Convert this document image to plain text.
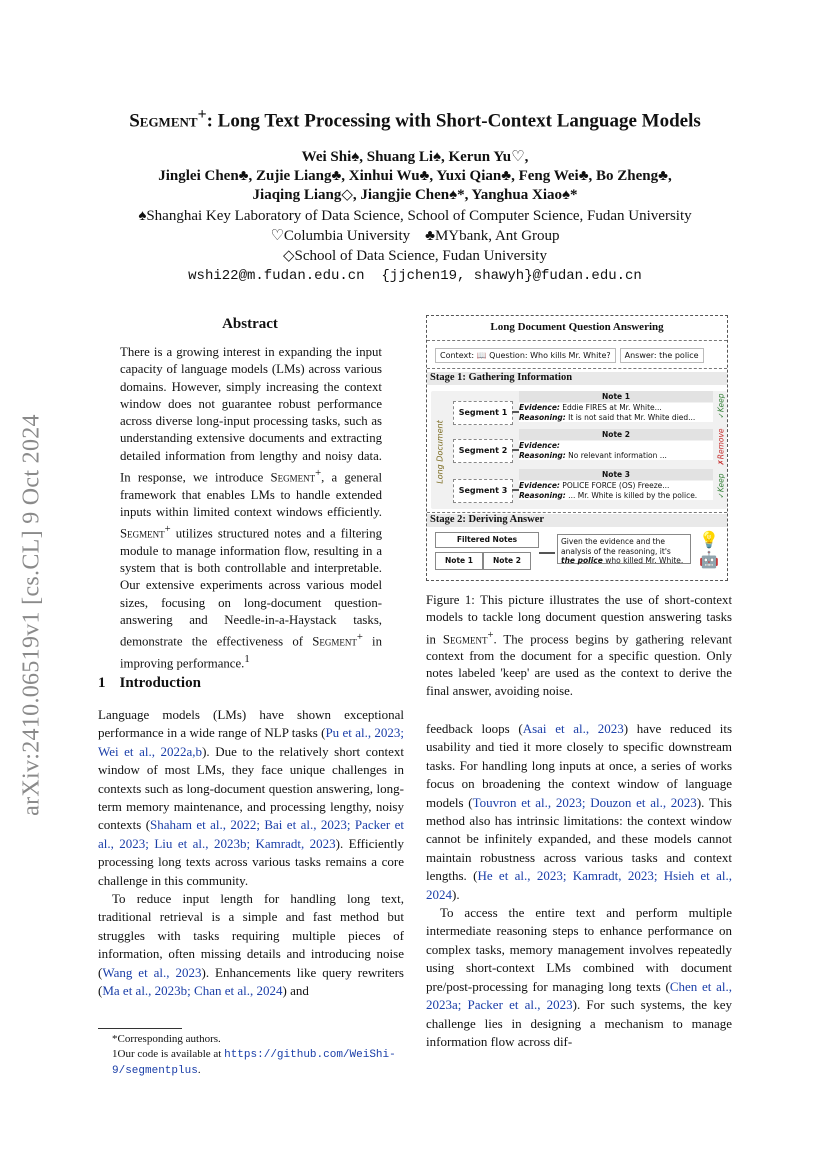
arXiv:2410.06519v1 [cs.CL] 9 Oct 2024
Segment+: Long Text Processing with Short-Context Language Models
Wei Shi♠, Shuang Li♠, Kerun Yu♡,
Jinglei Chen♣, Zujie Liang♣, Xinhui Wu♣, Yuxi Qian♣, Feng Wei♣, Bo Zheng♣,
Jiaqing Liang◇, Jiangjie Chen♠*, Yanghua Xiao♠*
♠Shanghai Key Laboratory of Data Science, School of Computer Science, Fudan University
♡Columbia University    ♣MYbank, Ant Group
◇School of Data Science, Fudan University
wshi22@m.fudan.edu.cn  {jjchen19, shawyh}@fudan.edu.cn
Abstract
There is a growing interest in expanding the input capacity of language models (LMs) across various domains. However, simply increasing the context window does not guarantee robust performance across diverse long-input processing tasks, such as understanding extensive documents and extracting detailed information from lengthy and noisy data. In response, we introduce Segment+, a general framework that enables LMs to handle extended inputs within limited context windows efficiently. Segment+ utilizes structured notes and a filtering module to manage information flow, resulting in a system that is both controllable and interpretable. Our extensive experiments across various model sizes, focusing on long-document question-answering and Needle-in-a-Haystack tasks, demonstrate the effectiveness of Segment+ in improving performance.$^1$
1 Introduction

Language models (LMs) have shown exceptional performance in a wide range of NLP tasks (Pu et al., 2023; Wei et al., 2022a,b). Due to the relatively short context window of most LMs, they face unique challenges in contexts such as long-document question answering, long-term memory maintenance, and processing lengthy, noisy contexts (Shaham et al., 2022; Bai et al., 2023; Packer et al., 2023; Liu et al., 2023b; Kamradt, 2023). Efficiently processing long texts across various tasks remains a core challenge in this community.

To reduce input length for handling long text, traditional retrieval is a simple and fast method but struggles with tasks requiring multiple pieces of information, often missing details and introducing noise (Wang et al., 2023). Enhancements like query rewriters (Ma et al., 2023b; Chan et al., 2024) and

*Corresponding authors.
1Our code is available at https://github.com/WeiShi-9/segmentplus.

feedback loops (Asai et al., 2023) have reduced its usability and tied it more closely to specific downstream tasks. For handling long inputs at once, a series of works focus on broadening the context window of language models (Touvron et al., 2023; Douzon et al., 2023). This method also has intrinsic limitations: the context window cannot be infinitely expanded, and these models cannot maintain robustness across various tasks and context lengths. (He et al., 2023; Kamradt, 2023; Hsieh et al., 2024).

To access the entire text and perform multiple intermediate reasoning steps to enhance performance on complex tasks, memory management involves repeatedly using short-context LMs combined with document pre/post-processing for managing long texts (Chen et al., 2023a; Packer et al., 2023). For such systems, the key challenge lies in designing a mechanism to manage information flow across dif-

Long Document Question Answering
Context: 📖 Question: Who kills Mr. White? Answer: the police
Stage 1: Gathering Information
Long Document
Segment 1
Note 1
Evidence: Eddie FIRES at Mr. White...
Reasoning: It is not said that Mr. White died...	✓Keep
Segment 2
Note 2
Evidence:
Reasoning: No relevant information ...	✗Remove
Segment 3
Note 3
Evidence: POLICE FORCE (OS) Freeze...
Reasoning: ... Mr. White is killed by the police.	✓Keep
Stage 2: Deriving Answer
Filtered Notes
Note 1	Note 2
Given the evidence and the analysis of the reasoning, it's the police who killed Mr. White.
💡
🤖
Figure 1: This picture illustrates the use of short-context models to tackle long document question answering tasks in Segment+. The process begins by gathering relevant context from the document for a specific question. Only notes labeled 'keep' are used as the context to derive the final answer, avoiding noise.
